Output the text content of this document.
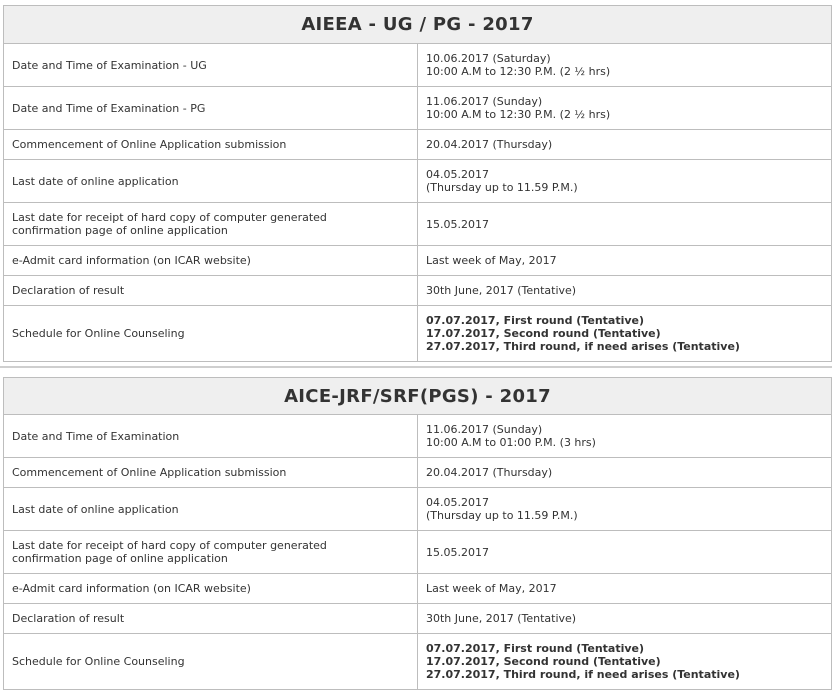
AIEEA - UG / PG - 2017	
Date and Time of Examination - UG	10.06.2017 (Saturday)
10:00 A.M to 12:30 P.M. (2 ½ hrs)

Date and Time of Examination - PG	11.06.2017 (Sunday)
10:00 A.M to 12:30 P.M. (2 ½ hrs)

Commencement of Online Application submission	20.04.2017 (Thursday)

Last date of online application	04.05.2017
(Thursday up to 11.59 P.M.)

Last date for receipt of hard copy of computer generated
confirmation page of online application	15.05.2017

e-Admit card information (on ICAR website)	Last week of May, 2017

Declaration of result	30th June, 2017 (Tentative)

Schedule for Online Counseling	07.07.2017, First round (Tentative)
17.07.2017, Second round (Tentative)
27.07.2017, Third round, if need arises (Tentative)
AICE-JRF/SRF(PGS) - 2017	
Date and Time of Examination	11.06.2017 (Sunday)
10:00 A.M to 01:00 P.M. (3 hrs)

Commencement of Online Application submission	20.04.2017 (Thursday)

Last date of online application	04.05.2017
(Thursday up to 11.59 P.M.)

Last date for receipt of hard copy of computer generated
confirmation page of online application	15.05.2017

e-Admit card information (on ICAR website)	Last week of May, 2017

Declaration of result	30th June, 2017 (Tentative)

Schedule for Online Counseling	07.07.2017, First round (Tentative)
17.07.2017, Second round (Tentative)
27.07.2017, Third round, if need arises (Tentative)
